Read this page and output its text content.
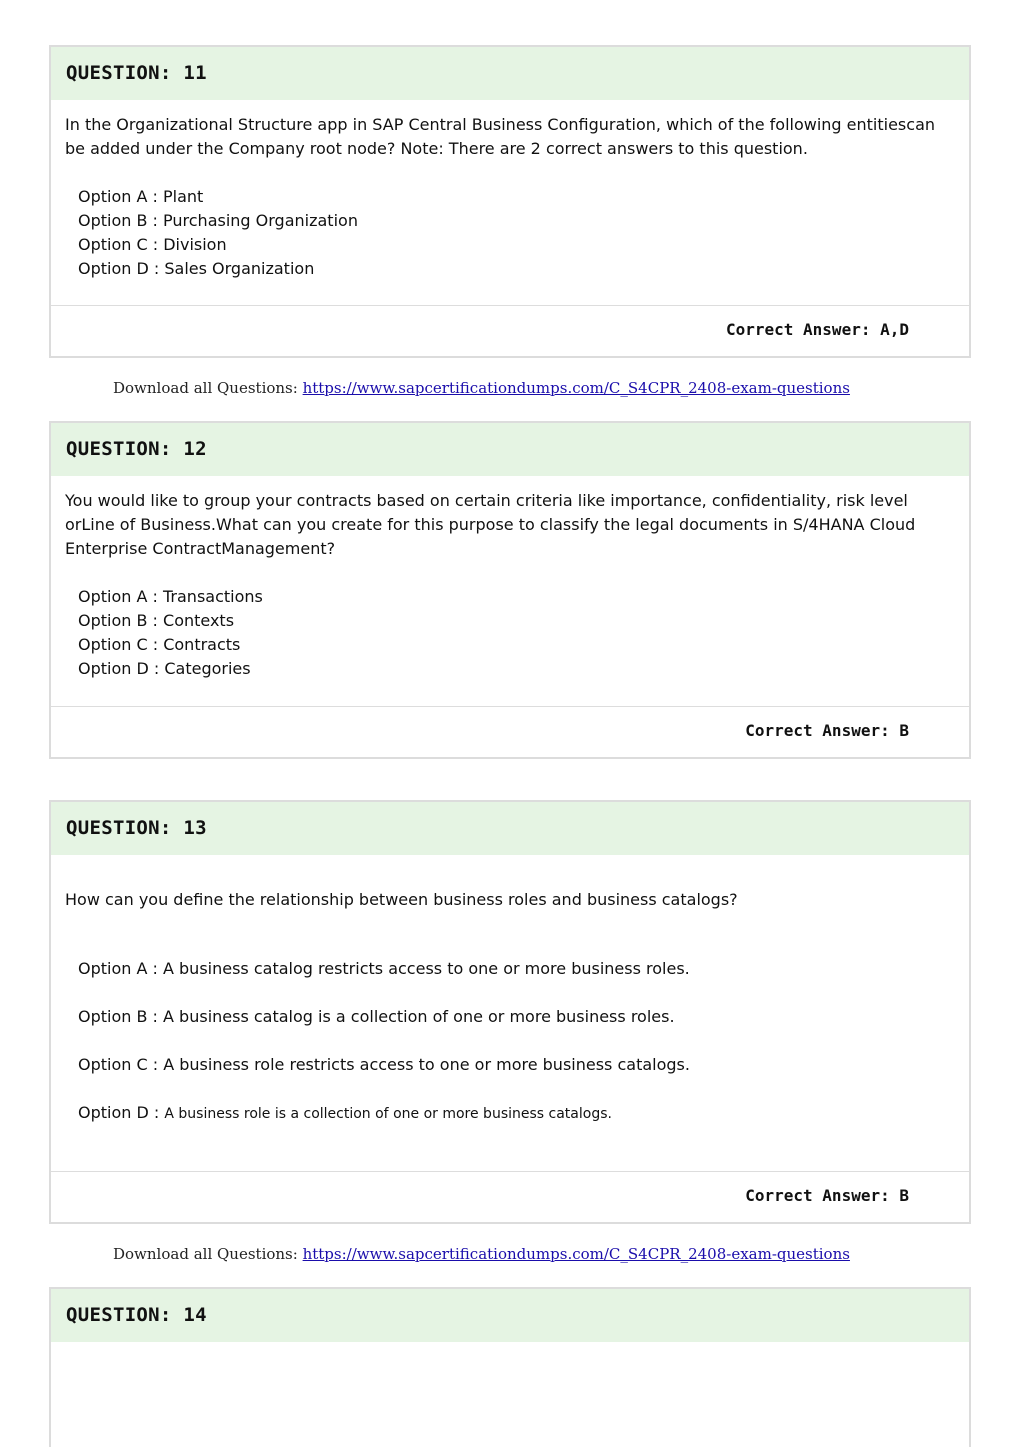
QUESTION: 11
In the Organizational Structure app in SAP Central Business Configuration, which of the following entitiescan be added under the Company root node? Note: There are 2 correct answers to this question.
Option A : Plant
Option B : Purchasing Organization
Option C : Division
Option D : Sales Organization
Correct Answer: A,D
Download all Questions: https://www.sapcertificationdumps.com/C_S4CPR_2408-exam-questions
QUESTION: 12
You would like to group your contracts based on certain criteria like importance, confidentiality, risk level orLine of Business.What can you create for this purpose to classify the legal documents in S/4HANA Cloud Enterprise ContractManagement?
Option A : Transactions
Option B : Contexts
Option C : Contracts
Option D : Categories
Correct Answer: B
QUESTION: 13
How can you define the relationship between business roles and business catalogs?
Option A : A business catalog restricts access to one or more business roles.
Option B : A business catalog is a collection of one or more business roles.
Option C : A business role restricts access to one or more business catalogs.
Option D : A business role is a collection of one or more business catalogs.
Correct Answer: B
Download all Questions: https://www.sapcertificationdumps.com/C_S4CPR_2408-exam-questions
QUESTION: 14
